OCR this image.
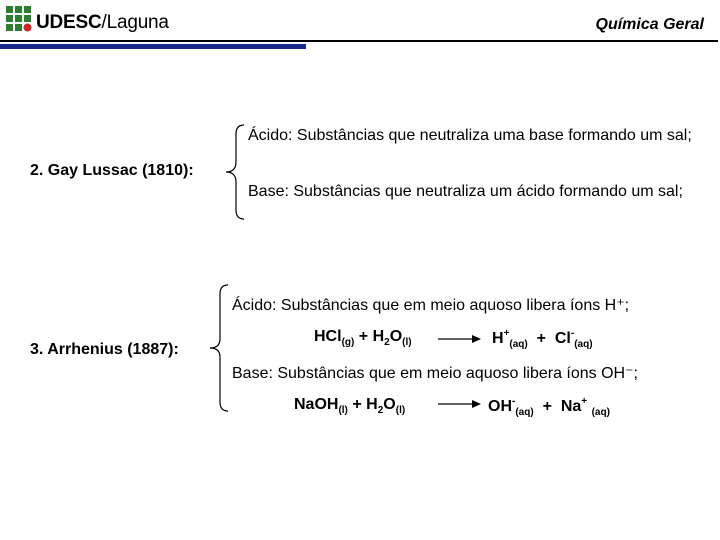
UDESC/Laguna	Química Geral
2. Gay Lussac (1810):
Ácido: Substâncias que neutraliza uma base formando um sal;
Base: Substâncias que neutraliza um ácido formando um sal;
3. Arrhenius (1887):
Ácido: Substâncias que em meio aquoso libera íons H⁺;
$HCl_{(g)} + H_2O_{(l)}$	$H^+_{(aq)} + Cl^-_{(aq)}$
Base: Substâncias que em meio aquoso libera íons OH⁻;
NaOH$_{(l)}$ + $H_2O_{(l)}$	$OH^-_{(aq)} + Na^+$ $_{(aq)}$
